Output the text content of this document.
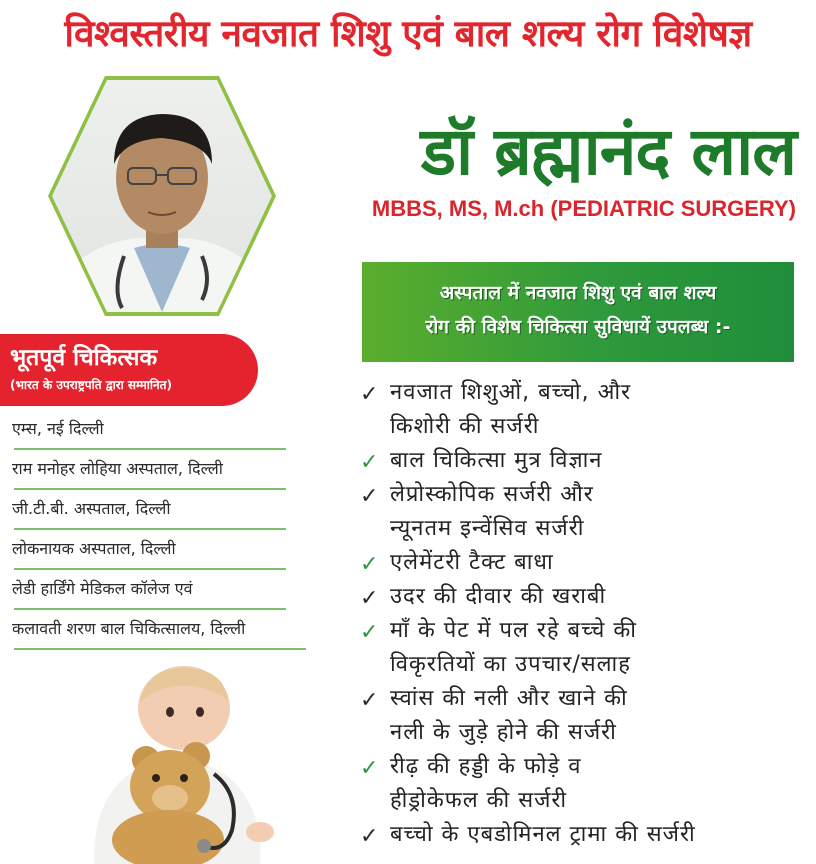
विश्वस्तरीय नवजात शिशु एवं बाल शल्य रोग विशेषज्ञ
डॉ ब्रह्मानंद लाल
MBBS, MS, M.ch (PEDIATRIC SURGERY)
अस्पताल में नवजात शिशु एवं बाल शल्य
रोग की विशेष चिकित्सा सुविधायें उपलब्ध :-
भूतपूर्व चिकित्सक
(भारत के उपराष्ट्रपति द्वारा सम्मानित)
एम्स, नई दिल्ली
राम मनोहर लोहिया अस्पताल, दिल्ली
जी.टी.बी. अस्पताल, दिल्ली
लोकनायक अस्पताल, दिल्ली
लेडी हार्डिंगे मेडिकल कॉलेज एवं
कलावती शरण बाल चिकित्सालय, दिल्ली
✓ नवजात शिशुओं, बच्चो, और
किशोरी की सर्जरी
✓ बाल चिकित्सा मुत्र विज्ञान
✓ लेप्रोस्कोपिक सर्जरी और
न्यूनतम इन्वेंसिव सर्जरी
✓ एलेमेंटरी टैक्ट बाधा
✓ उदर की दीवार की खराबी
✓ माँ के पेट में पल रहे बच्चे की
विकृरतियों का उपचार/सलाह
✓ स्वांस की नली और खाने की
नली के जुड़े होने की सर्जरी
✓ रीढ़ की हड्डी के फोड़े व
हीड्रोकेफल की सर्जरी
✓ बच्चो के एबडोमिनल ट्रामा की सर्जरी
